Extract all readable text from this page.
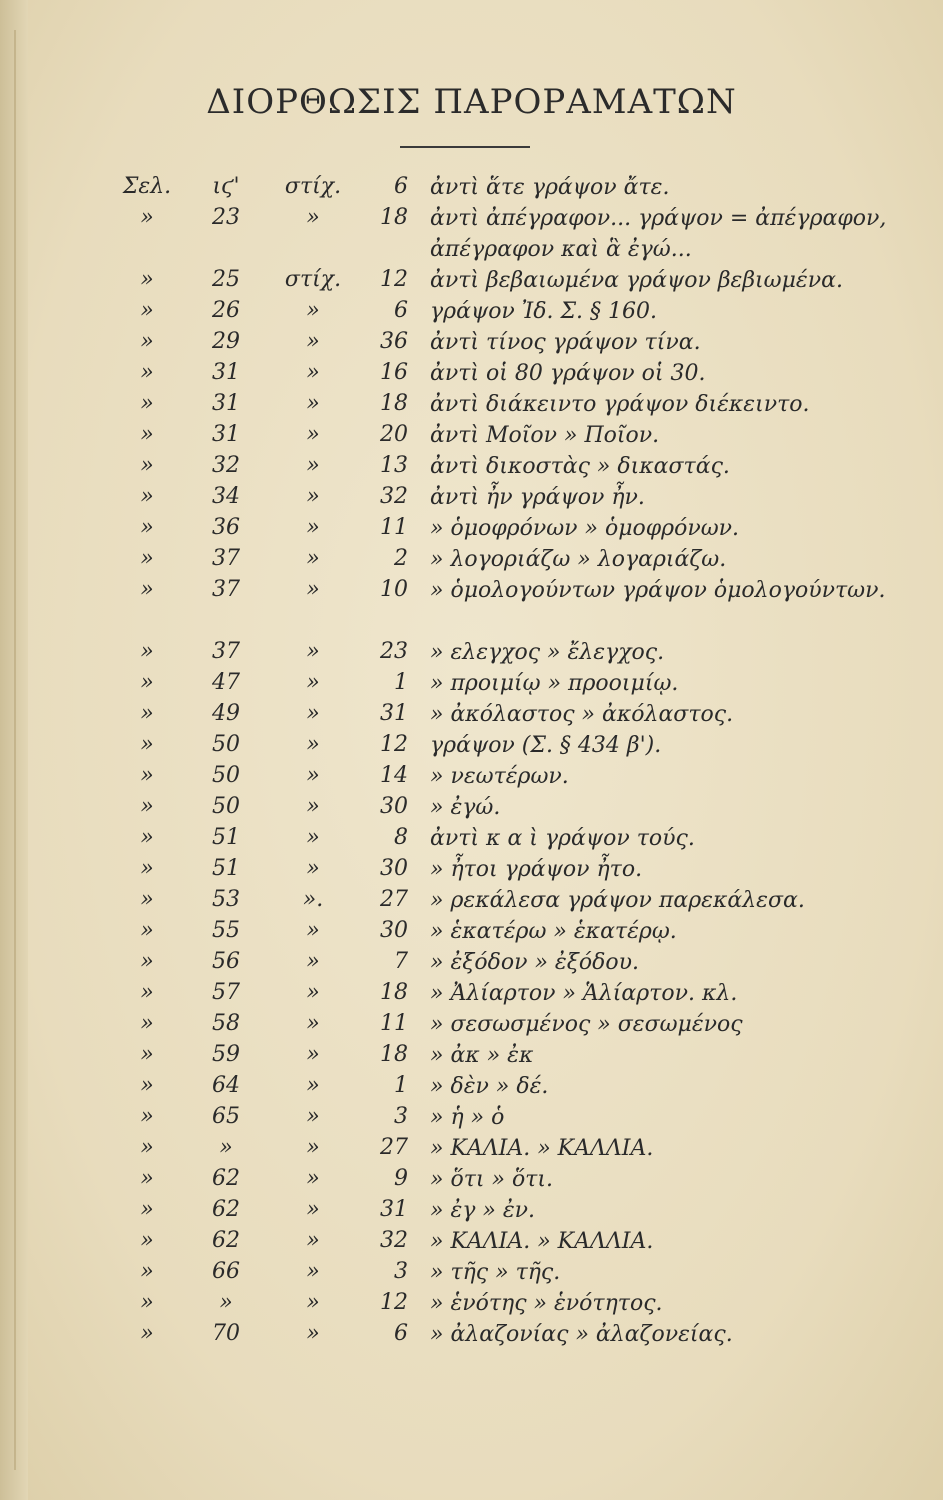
ΔΙΟΡΘΩΣΙΣ ΠΑΡΟΡΑΜΑΤΩΝ
Σελ.	ιϛ'	στίχ.	6 ἀντὶ ἅτε γράψον ἄτε.
»	23	»	18 ἀντὶ ἀπέγραφον... γράψον = ἀπέγραφον, ἀπέγραφον καὶ ἃ ἐγώ...
»	25	στίχ.	12 ἀντὶ βεβαιωμένα γράψον βεβιωμένα.
»	26	»	6 γράψον Ἰδ. Σ. § 160.
»	29	»	36 ἀντὶ τίνος γράψον τίνα.
»	31	»	16 ἀντὶ οἱ 80 γράψον οἱ 30.
»	31	»	18 ἀντὶ διάκειντο γράψον διέκειντο.
»	31	»	20 ἀντὶ Μοῖον » Ποῖον.
»	32	»	13 ἀντὶ δικοστὰς » δικαστάς.
»	34	»	32 ἀντὶ ἦν γράψον ἦν.
»	36	»	11 » ὁμοφρόνων » ὁμοφρόνων.
»	37	»	2 » λογοριάζω » λογαριάζω.
»	37	»	10 » ὁμολογούντων γράψον ὁμολογούντων.
»	37	»	23 » ελεγχος » ἔλεγχος.
»	47	»	1 » προιμίῳ » προοιμίῳ.
»	49	»	31 » ἀκόλαστος » ἀκόλαστος.
»	50	»	12 γράψον (Σ. § 434 β').
»	50	»	14 » νεωτέρων.
»	50	»	30 » ἐγώ.
»	51	»	8 ἀντὶ κ α ὶ γράψον τούς.
»	51	»	30 » ἦτοι γράψον ἦτο.
»	53	».	27 » ρεκάλεσα γράψον παρεκάλεσα.
»	55	»	30 » ἑκατέρω » ἑκατέρῳ.
»	56	»	7 » ἐξόδον » ἐξόδου.
»	57	»	18 » Ἀλίαρτον » Ἁλίαρτον. κλ.
»	58	»	11 » σεσωσμένος » σεσωμένος
»	59	»	18 » ἀκ » ἐκ
»	64	»	1 » δὲν » δέ.
»	65	»	3 » ἡ » ὁ
»	»	»	27 » ΚΑΛΙΑ. » ΚΑΛΛΙΑ.
»	62	»	9 » ὅτι » ὅτι.
»	62	»	31 » ἐγ » ἐν.
»	62	»	32 » ΚΑΛΙΑ. » ΚΑΛΛΙΑ.
»	66	»	3 » τῆς » τῆς.
»	»	»	12 » ἑνότης » ἑνότητος.
»	70	»	6 » ἀλαζονίας » ἀλαζονείας.
